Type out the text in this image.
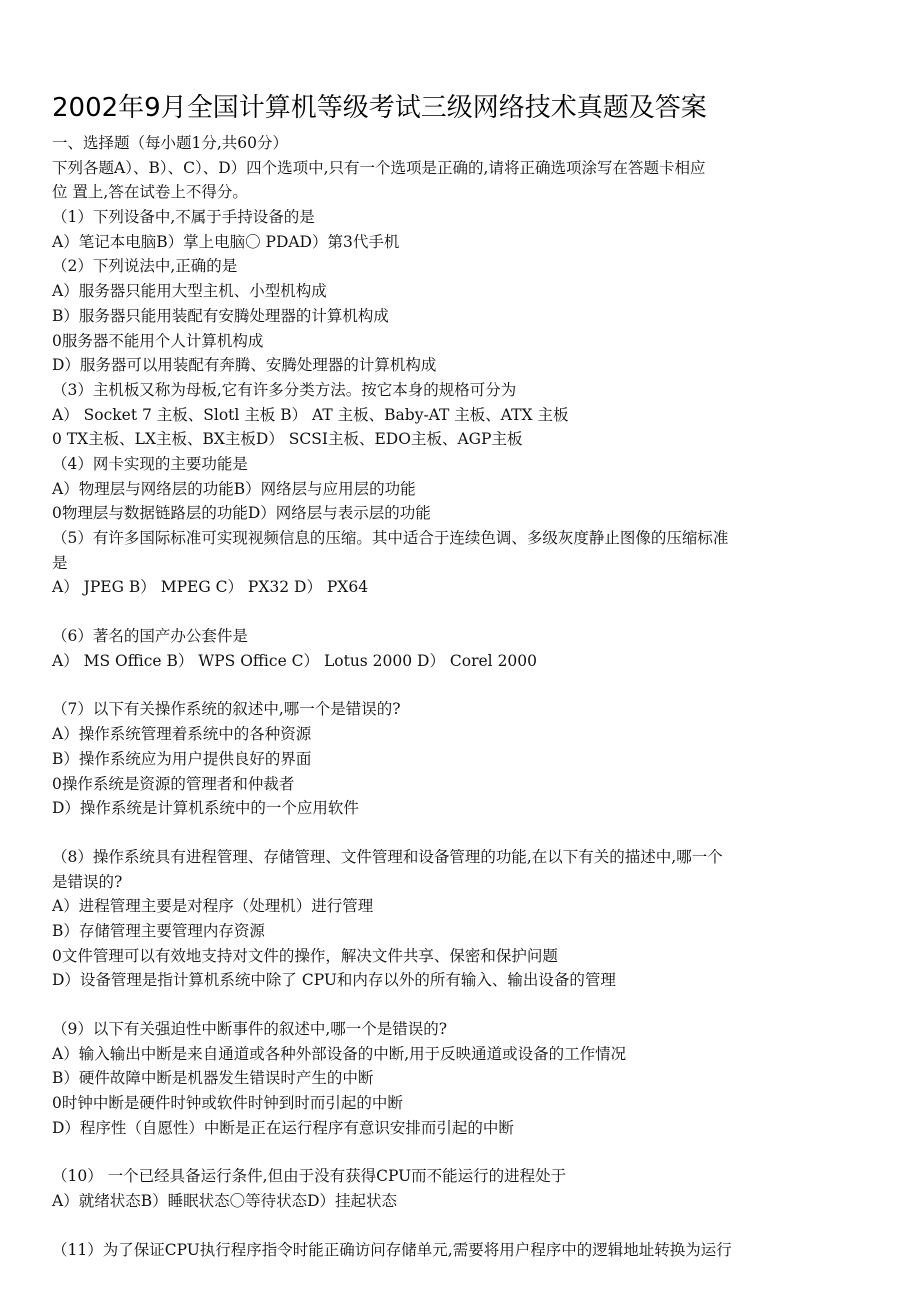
2002年9月全国计算机等级考试三级网络技术真题及答案
一、选择题（每小题1分,共60分）
下列各题A）、B）、C）、D）四个选项中,只有一个选项是正确的,请将正确选项涂写在答题卡相应
位 置上,答在试卷上不得分。
（1）下列设备中,不属于手持设备的是
A）笔记本电脑B）掌上电脑〇 PDAD）第3代手机
（2）下列说法中,正确的是
A）服务器只能用大型主机、小型机构成
B）服务器只能用装配有安腾处理器的计算机构成
0服务器不能用个人计算机构成
D）服务器可以用装配有奔腾、安腾处理器的计算机构成
（3）主机板又称为母板,它有许多分类方法。按它本身的规格可分为
A） Socket 7 主板、Slotl 主板 B） AT 主板、Baby-AT 主板、ATX 主板
0 TX主板、LX主板、BX主板D） SCSI主板、EDO主板、AGP主板
（4）网卡实现的主要功能是
A）物理层与网络层的功能B）网络层与应用层的功能
0物理层与数据链路层的功能D）网络层与表示层的功能
（5）有许多国际标准可实现视频信息的压缩。其中适合于连续色调、多级灰度静止图像的压缩标准
是
A） JPEG B） MPEG C） PX32 D） PX64
（6）著名的国产办公套件是
A） MS Office B） WPS Office C） Lotus 2000 D） Corel 2000
（7）以下有关操作系统的叙述中,哪一个是错误的?
A）操作系统管理着系统中的各种资源
B）操作系统应为用户提供良好的界面
0操作系统是资源的管理者和仲裁者
D）操作系统是计算机系统中的一个应用软件
（8）操作系统具有进程管理、存储管理、文件管理和设备管理的功能,在以下有关的描述中,哪一个
是错误的?
A）进程管理主要是对程序（处理机）进行管理
B）存储管理主要管理内存资源
0文件管理可以有效地支持对文件的操作，解决文件共享、保密和保护问题
D）设备管理是指计算机系统中除了 CPU和内存以外的所有输入、输出设备的管理
（9）以下有关强迫性中断事件的叙述中,哪一个是错误的?
A）输入输出中断是来自通道或各种外部设备的中断,用于反映通道或设备的工作情况
B）硬件故障中断是机器发生错误时产生的中断
0时钟中断是硬件时钟或软件时钟到时而引起的中断
D）程序性（自愿性）中断是正在运行程序有意识安排而引起的中断
（10） 一个已经具备运行条件,但由于没有获得CPU而不能运行的进程处于
A）就绪状态B）睡眠状态〇等待状态D）挂起状态
（11）为了保证CPU执行程序指令时能正确访问存储单元,需要将用户程序中的逻辑地址转换为运行
